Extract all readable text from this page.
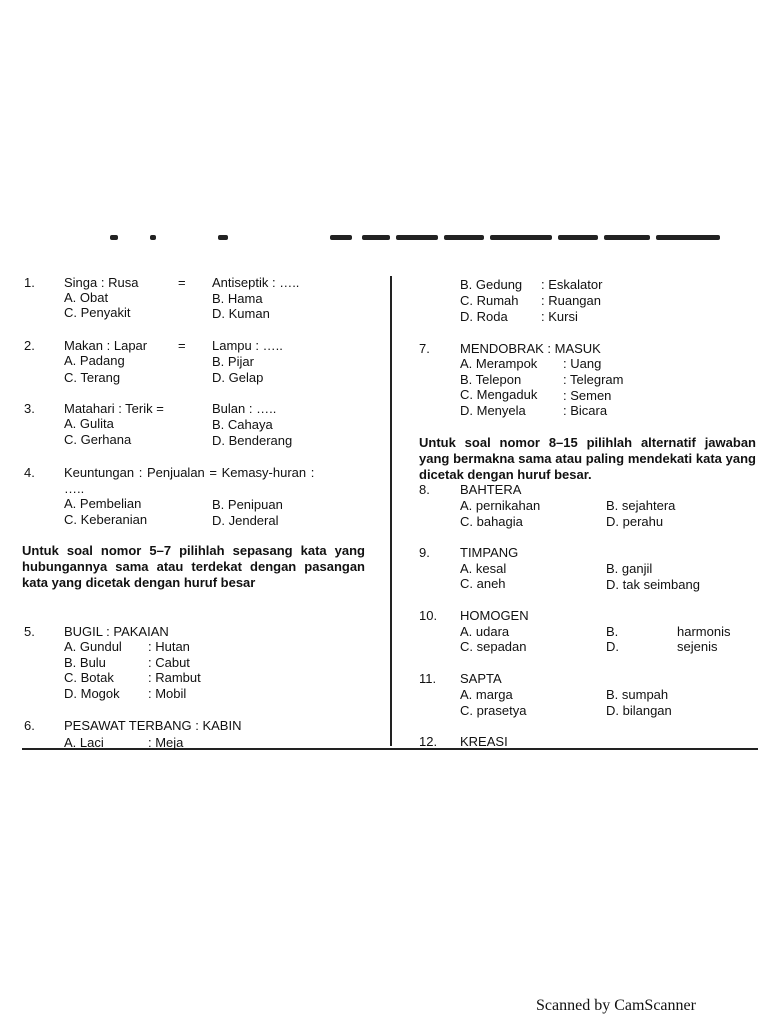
1. Singa : Rusa	= Antiseptik : …..
A. Obat	B. Hama
C. Penyakit	D. Kuman
2. Makan : Lapar = Lampu : …..
A. Padang	B. Pijar
C. Terang	D. Gelap
3. Matahari : Terik =	Bulan : …..
A. Gulita	B. Cahaya
C. Gerhana	D. Benderang
4. Keuntungan : Penjualan = Kemasy-huran :
…..
A. Pembelian	B. Penipuan
C. Keberanian	D. Jenderal
Untuk soal nomor 5–7 pilihlah sepasang kata yang hubungannya sama atau terdekat dengan pasangan kata yang dicetak dengan huruf besar
5. BUGIL : PAKAIAN
A. Gundul : Hutan
B. Bulu	: Cabut
C. Botak	: Rambut
D. Mogok : Mobil
6. PESAWAT TERBANG : KABIN
A. Laci	: Meja
B. Gedung : Eskalator
C. Rumah : Ruangan
D. Roda	: Kursi
7. MENDOBRAK : MASUK
A. Merampok : Uang
B. Telepon	: Telegram
C. Mengaduk : Semen
D. Menyela	: Bicara
Untuk soal nomor 8–15 pilihlah alternatif jawaban yang bermakna sama atau paling mendekati kata yang dicetak dengan huruf besar.
8. BAHTERA
A. pernikahan	B. sejahtera
C. bahagia	D. perahu
9. TIMPANG
A. kesal	B. ganjil
C. aneh	D. tak seimbang
10. HOMOGEN
A. udara	B.	harmonis
C. sepadan	D.	sejenis
11. SAPTA
A. marga	B. sumpah
C. prasetya	D. bilangan
12. KREASI
Scanned by CamScanner
